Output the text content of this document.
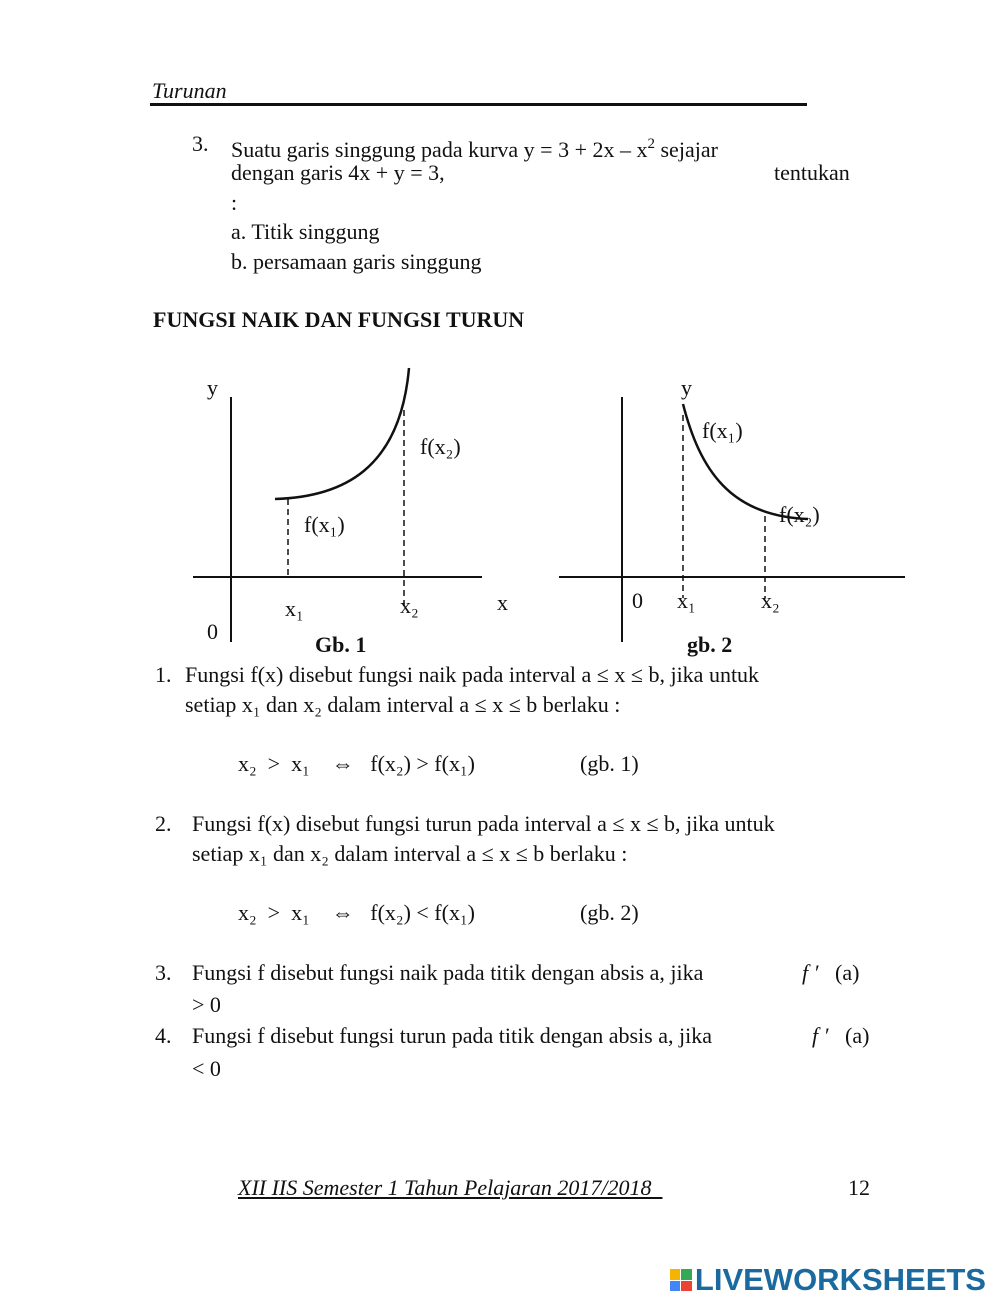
Turunan
3. Suatu garis singgung pada kurva $y = 3 + 2x - x^2$ sejajar
dengan garis 4x + y = 3,	tentukan
:
a. Titik singgung
b. persamaan garis singgung
FUNGSI NAIK DAN FUNGSI TURUN
y
x
0
f(x₁)
f(x₂)
x₁	x₂
Gb. 1
y
0
f(x₁)
f(x₂)
x₁	x₂
gb. 2
1. Fungsi f(x) disebut fungsi naik pada interval a ≤ x ≤ b, jika untuk
setiap x₁ dan x₂ dalam interval a ≤ x ≤ b berlaku :
x₂  >  x₁    ⇔   f(x₂) > f(x₁)	(gb. 1)
2. Fungsi f(x) disebut fungsi turun pada interval a ≤ x ≤ b, jika untuk
setiap x₁ dan x₂ dalam interval a ≤ x ≤ b berlaku :
x₂  >  x₁    ⇔   f(x₂) < f(x₁)	(gb. 2)
3. Fungsi f disebut fungsi naik pada titik dengan absis a, jika	f ′ (a)
> 0
4. Fungsi f disebut fungsi turun pada titik dengan absis a, jika	f ′ (a)
< 0
XII IIS Semester 1 Tahun Pelajaran 2017/2018	12
LIVEWORKSHEETS
